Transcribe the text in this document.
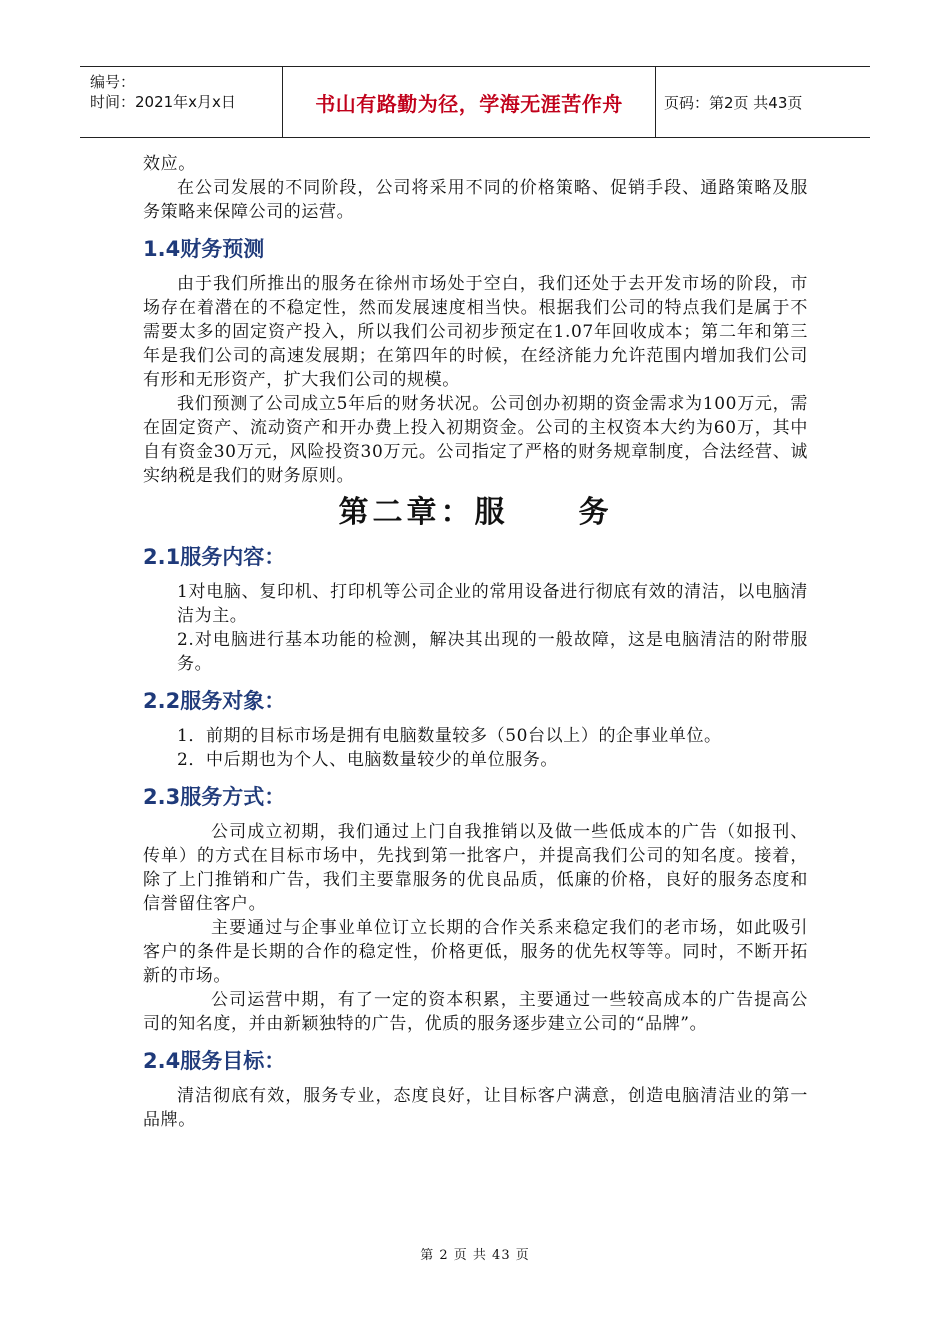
编号：
时间：2021年x月x日	书山有路勤为径，学海无涯苦作舟	页码：第2页 共43页

效应。

在公司发展的不同阶段，公司将采用不同的价格策略、促销手段、通路策略及服务策略来保障公司的运营。

1.4财务预测

由于我们所推出的服务在徐州市场处于空白，我们还处于去开发市场的阶段，市场存在着潜在的不稳定性，然而发展速度相当快。根据我们公司的特点我们是属于不需要太多的固定资产投入，所以我们公司初步预定在1.07年回收成本；第二年和第三年是我们公司的高速发展期；在第四年的时候，在经济能力允许范围内增加我们公司有形和无形资产，扩大我们公司的规模。

我们预测了公司成立5年后的财务状况。公司创办初期的资金需求为100万元，需在固定资产、流动资产和开办费上投入初期资金。公司的主权资本大约为60万，其中自有资金30万元，风险投资30万元。公司指定了严格的财务规章制度，合法经营、诚实纳税是我们的财务原则。

第二章：服 务
2.1服务内容：

1对电脑、复印机、打印机等公司企业的常用设备进行彻底有效的清洁，以电脑清洁为主。

2.对电脑进行基本功能的检测，解决其出现的一般故障，这是电脑清洁的附带服务。

2.2服务对象：

1．前期的目标市场是拥有电脑数量较多（50台以上）的企事业单位。

2．中后期也为个人、电脑数量较少的单位服务。

2.3服务方式：

公司成立初期，我们通过上门自我推销以及做一些低成本的广告（如报刊、传单）的方式在目标市场中，先找到第一批客户，并提高我们公司的知名度。接着，除了上门推销和广告，我们主要靠服务的优良品质，低廉的价格，良好的服务态度和信誉留住客户。

主要通过与企事业单位订立长期的合作关系来稳定我们的老市场，如此吸引客户的条件是长期的合作的稳定性，价格更低，服务的优先权等等。同时，不断开拓新的市场。

公司运营中期，有了一定的资本积累，主要通过一些较高成本的广告提高公司的知名度，并由新颖独特的广告，优质的服务逐步建立公司的“品牌”。

2.4服务目标：

清洁彻底有效，服务专业，态度良好，让目标客户满意，创造电脑清洁业的第一品牌。

第 2 页 共 43 页
